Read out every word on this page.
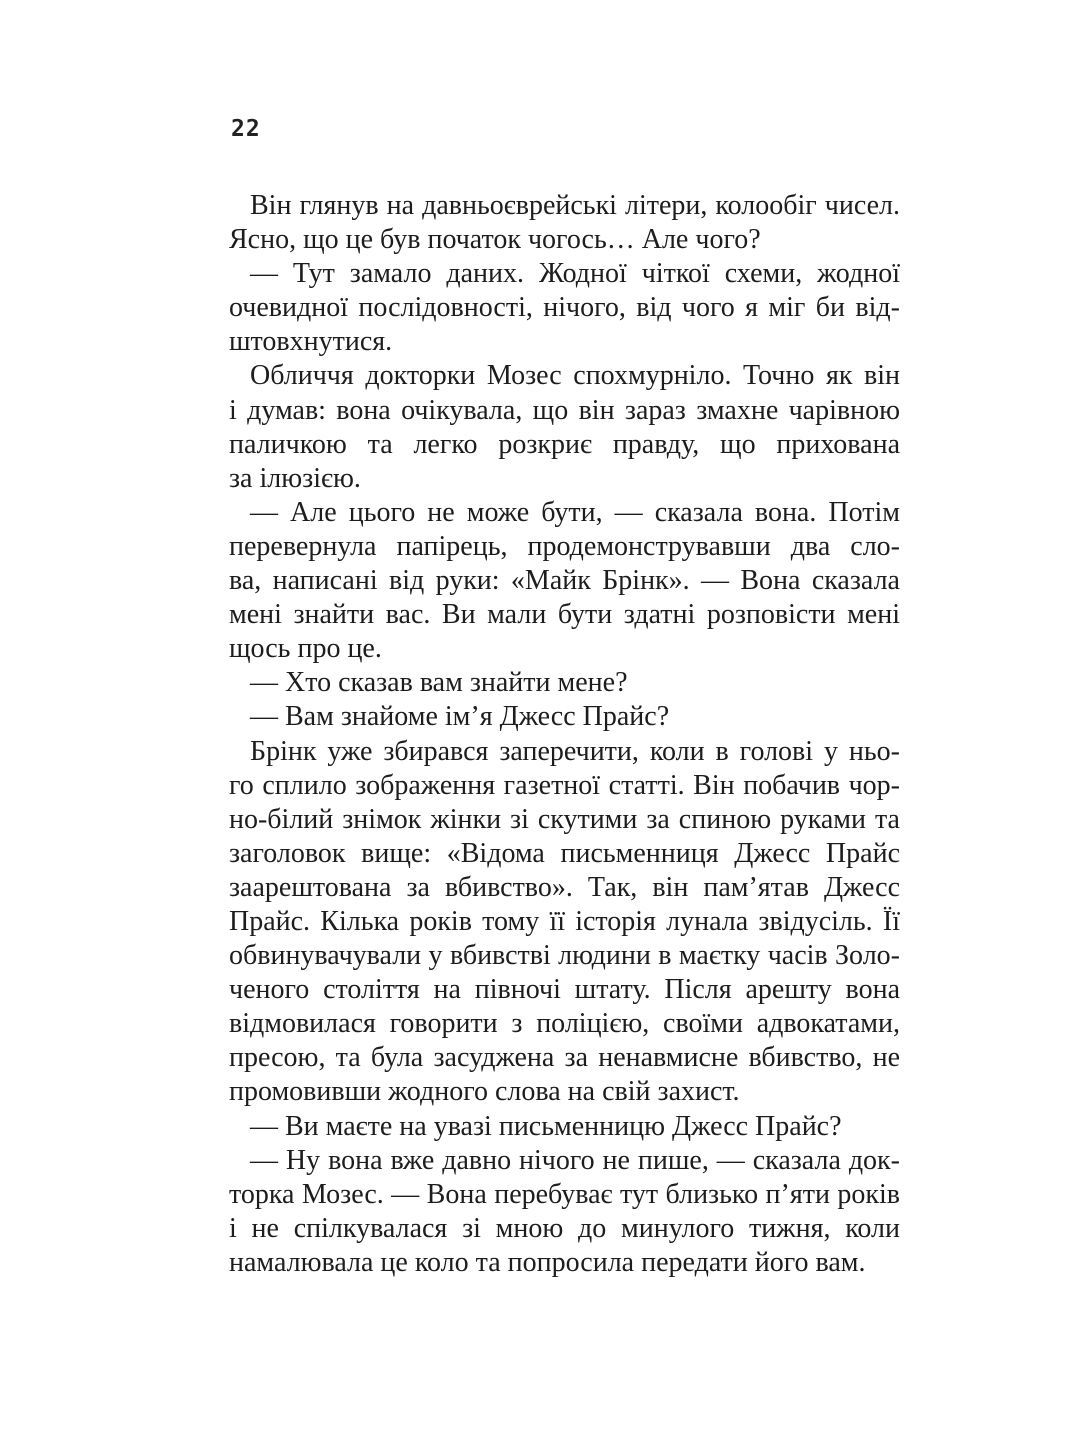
22
Він глянув на давньоєврейські літери, колообіг чисел.
Ясно, що це був початок чогось… Але чого?
— Тут замало даних. Жодної чіткої схеми, жодної
очевидної послідовності, нічого, від чого я міг би від-
штовхнутися.
Обличчя докторки Мозес спохмурніло. Точно як він
і думав: вона очікувала, що він зараз змахне чарівною
паличкою та легко розкриє правду, що прихована
за ілюзією.
— Але цього не може бути, — сказала вона. Потім
перевернула папірець, продемонструвавши два сло-
ва, написані від руки: «Майк Брінк». — Вона сказала
мені знайти вас. Ви мали бути здатні розповісти мені
щось про це.
— Хто сказав вам знайти мене?
— Вам знайоме ім’я Джесс Прайс?
Брінк уже збирався заперечити, коли в голові у ньо-
го сплило зображення газетної статті. Він побачив чор-
но-білий знімок жінки зі скутими за спиною руками та
заголовок вище: «Відома письменниця Джесс Прайс
заарештована за вбивство». Так, він пам’ятав Джесс
Прайс. Кілька років тому її історія лунала звідусіль. Її
обвинувачували у вбивстві людини в маєтку часів Золо-
ченого століття на півночі штату. Після арешту вона
відмовилася говорити з поліцією, своїми адвокатами,
пресою, та була засуджена за ненавмисне вбивство, не
промовивши жодного слова на свій захист.
— Ви маєте на увазі письменницю Джесс Прайс?
— Ну вона вже давно нічого не пише, — сказала док-
торка Мозес. — Вона перебуває тут близько п’яти років
і не спілкувалася зі мною до минулого тижня, коли
намалювала це коло та попросила передати його вам.
